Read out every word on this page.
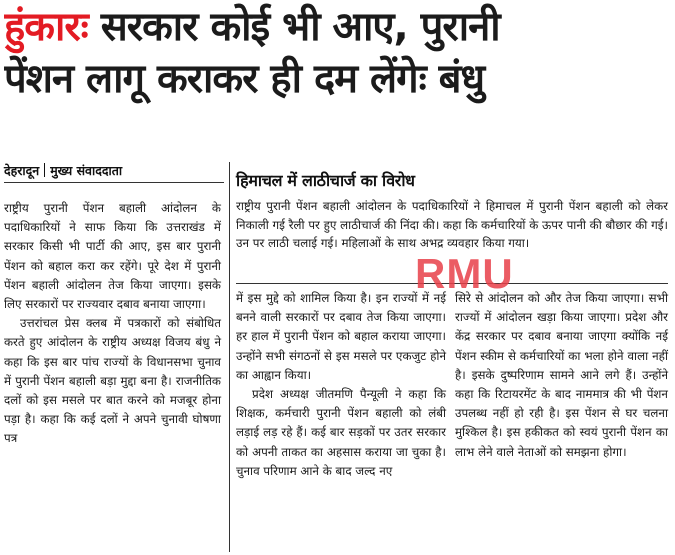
हुंकारः सरकार कोई भी आए, पुरानी
पेंशन लागू कराकर ही दम लेंगेः बंधु
देहरादून मुख्य संवाददाता
हिमाचल में लाठीचार्ज का विरोध

राष्ट्रीय पुरानी पेंशन बहाली आंदोलन के पदाधिकारियों ने साफ किया कि उत्तराखंड में सरकार किसी भी पार्टी की आए, इस बार पुरानी पेंशन को बहाल करा कर रहेंगे। पूरे देश में पुरानी पेंशन बहाली आंदोलन तेज किया जाएगा। इसके लिए सरकारों पर राज्यवार दबाव बनाया जाएगा।

उत्तरांचल प्रेस क्लब में पत्रकारों को संबोधित करते हुए आंदोलन के राष्ट्रीय अध्यक्ष विजय बंधु ने कहा कि इस बार पांच राज्यों के विधानसभा चुनाव में पुरानी पेंशन बहाली बड़ा मुद्दा बना है। राजनीतिक दलों को इस मसले पर बात करने को मजबूर होना पड़ा है। कहा कि कई दलों ने अपने चुनावी घोषणा पत्र

राष्ट्रीय पुरानी पेंशन बहाली आंदोलन के पदाधिकारियों ने हिमाचल में पुरानी पेंशन बहाली को लेकर निकाली गई रैली पर हुए लाठीचार्ज की निंदा की। कहा कि कर्मचारियों के ऊपर पानी की बौछार की गई। उन पर लाठी चलाई गई। महिलाओं के साथ अभद्र व्यवहार किया गया।

में इस मुद्दे को शामिल किया है। इन राज्यों में नई बनने वाली सरकारों पर दबाव तेज किया जाएगा। हर हाल में पुरानी पेंशन को बहाल कराया जाएगा। उन्होंने सभी संगठनों से इस मसले पर एकजुट होने का आह्वान किया।

प्रदेश अध्यक्ष जीतमणि पैन्यूली ने कहा कि शिक्षक, कर्मचारी पुरानी पेंशन बहाली को लंबी लड़ाई लड़ रहे हैं। कई बार सड़कों पर उतर सरकार को अपनी ताकत का अहसास कराया जा चुका है। चुनाव परिणाम आने के बाद जल्द नए

सिरे से आंदोलन को और तेज किया जाएगा। सभी राज्यों में आंदोलन खड़ा किया जाएगा। प्रदेश और केंद्र सरकार पर दबाव बनाया जाएगा क्योंकि नई पेंशन स्कीम से कर्मचारियों का भला होने वाला नहीं है। इसके दुष्परिणाम सामने आने लगे हैं। उन्होंने कहा कि रिटायरमेंट के बाद नाममात्र की भी पेंशन उपलब्ध नहीं हो रही है। इस पेंशन से घर चलना मुश्किल है। इस हकीकत को स्वयं पुरानी पेंशन का लाभ लेने वाले नेताओं को समझना होगा।

RMU
